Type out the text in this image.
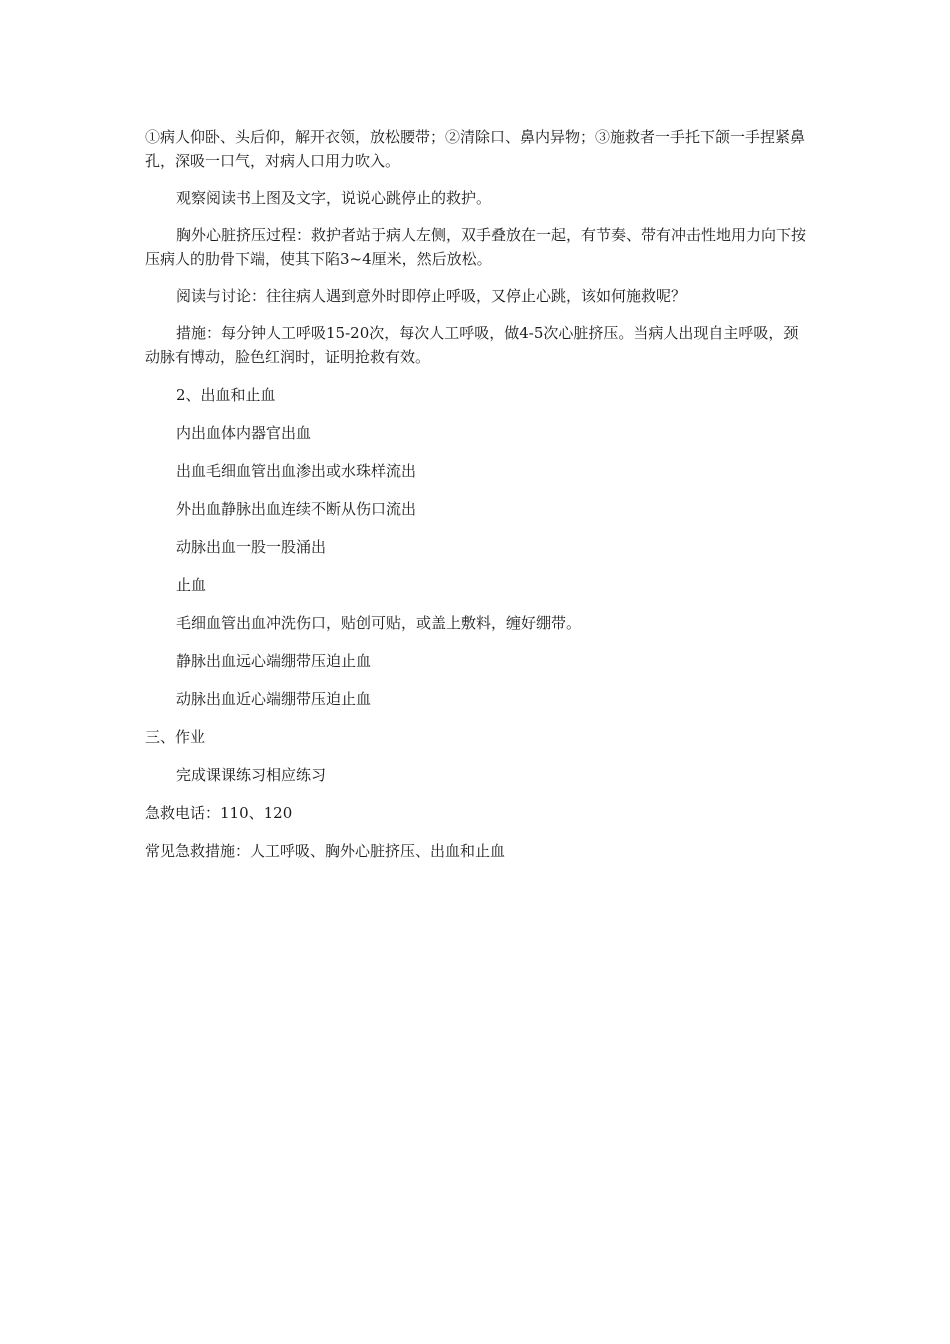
①病人仰卧、头后仰，解开衣领，放松腰带；②清除口、鼻内异物；③施救者一手托下颌一手捏紧鼻孔，深吸一口气，对病人口用力吹入。

观察阅读书上图及文字，说说心跳停止的救护。

胸外心脏挤压过程：救护者站于病人左侧，双手叠放在一起，有节奏、带有冲击性地用力向下按压病人的肋骨下端，使其下陷3~4厘米，然后放松。

阅读与讨论：往往病人遇到意外时即停止呼吸，又停止心跳，该如何施救呢？

措施：每分钟人工呼吸15-20次，每次人工呼吸，做4-5次心脏挤压。当病人出现自主呼吸，颈动脉有博动，脸色红润时，证明抢救有效。

2、出血和止血

内出血体内器官出血

出血毛细血管出血渗出或水珠样流出

外出血静脉出血连续不断从伤口流出

动脉出血一股一股涌出

止血

毛细血管出血冲洗伤口，贴创可贴，或盖上敷料，缠好绷带。

静脉出血远心端绷带压迫止血

动脉出血近心端绷带压迫止血

三、作业

完成课课练习相应练习

急救电话：110、120

常见急救措施：人工呼吸、胸外心脏挤压、出血和止血
